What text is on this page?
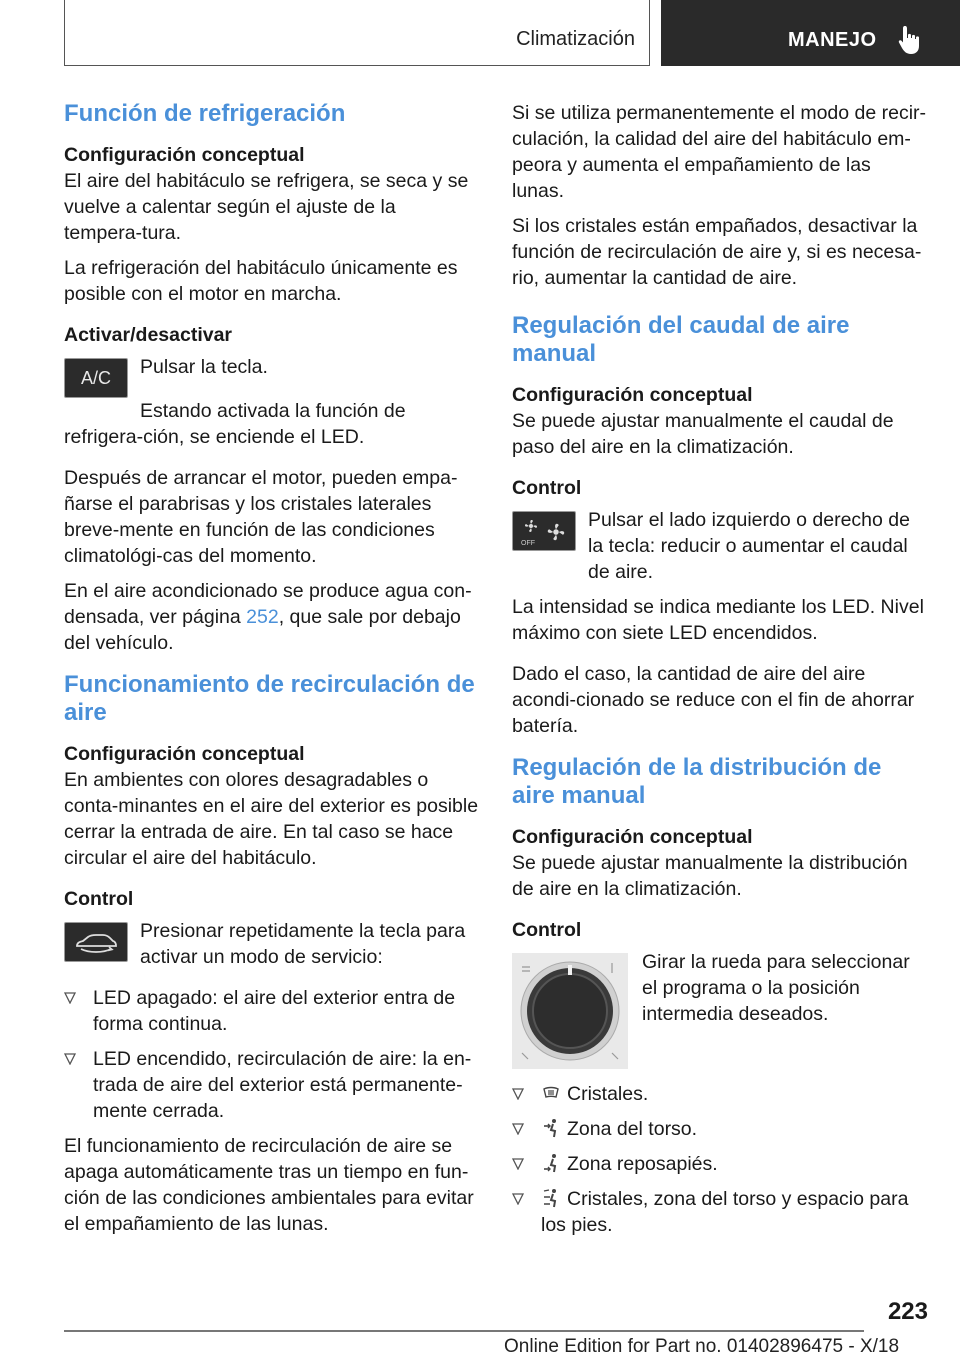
Climatización	MANEJO
Función de refrigeración
Configuración conceptual

El aire del habitáculo se refrigera, se seca y se vuelve a calentar según el ajuste de la tempera-tura.

La refrigeración del habitáculo únicamente es posible con el motor en marcha.

Activar/desactivar
A/C Pulsar la tecla.

Estando activada la función de refrigera-ción, se enciende el LED.

Después de arrancar el motor, pueden empa-ñarse el parabrisas y los cristales laterales breve-mente en función de las condiciones climatológi-cas del momento.

En el aire acondicionado se produce agua con-densada, ver página 252, que sale por debajo del vehículo.

Funcionamiento de recirculación de aire
Configuración conceptual

En ambientes con olores desagradables o conta-minantes en el aire del exterior es posible cerrar la entrada de aire. En tal caso se hace circular el aire del habitáculo.

Control

Presionar repetidamente la tecla para activar un modo de servicio:

LED apagado: el aire del exterior entra de forma continua.
LED encendido, recirculación de aire: la en-trada de aire del exterior está permanente-mente cerrada.

El funcionamiento de recirculación de aire se apaga automáticamente tras un tiempo en fun-ción de las condiciones ambientales para evitar el empañamiento de las lunas.

Si se utiliza permanentemente el modo de recir-culación, la calidad del aire del habitáculo em-peora y aumenta el empañamiento de las lunas.

Si los cristales están empañados, desactivar la función de recirculación de aire y, si es necesa-rio, aumentar la cantidad de aire.

Regulación del caudal de aire manual
Configuración conceptual

Se puede ajustar manualmente el caudal de paso del aire en la climatización.

Control
OFF

Pulsar el lado izquierdo o derecho de la tecla: reducir o aumentar el caudal de aire.

La intensidad se indica mediante los LED. Nivel máximo con siete LED encendidos.

Dado el caso, la cantidad de aire del aire acondi-cionado se reduce con el fin de ahorrar batería.

Regulación de la distribución de aire manual
Configuración conceptual

Se puede ajustar manualmente la distribución de aire en la climatización.

Control

Girar la rueda para seleccionar el programa o la posición intermedia deseados.

Cristales.
Zona del torso.
Zona reposapiés.
Cristales, zona del torso y espacio para los pies.
223
Online Edition for Part no. 01402896475 - X/18
